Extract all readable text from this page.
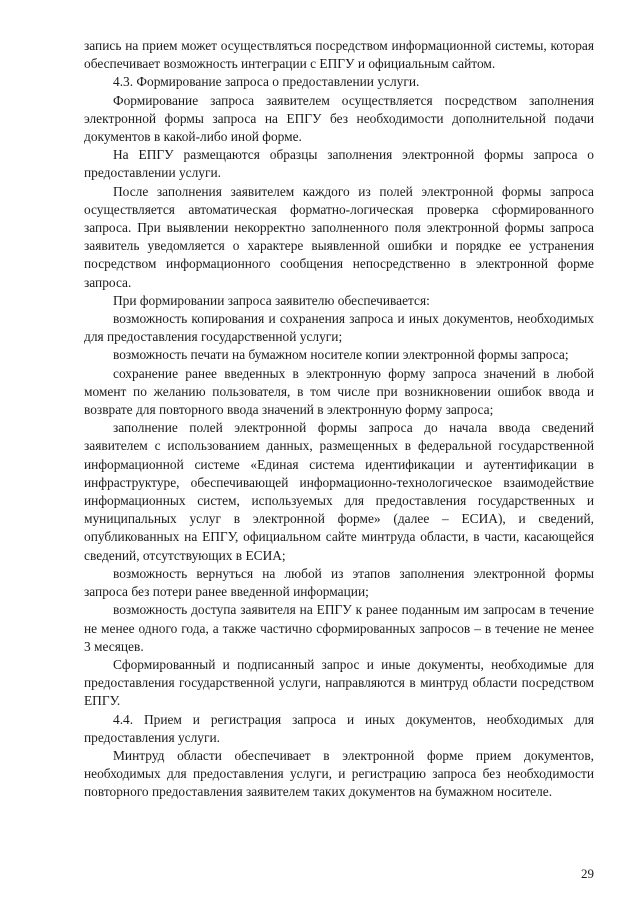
запись на прием может осуществляться посредством информационной системы, которая обеспечивает возможность интеграции с ЕПГУ и официальным сайтом.

4.3. Формирование запроса о предоставлении услуги.

Формирование запроса заявителем осуществляется посредством заполнения электронной формы запроса на ЕПГУ без необходимости дополнительной подачи документов в какой-либо иной форме.

На ЕПГУ размещаются образцы заполнения электронной формы запроса о предоставлении услуги.

После заполнения заявителем каждого из полей электронной формы запроса осуществляется автоматическая форматно-логическая проверка сформированного запроса. При выявлении некорректно заполненного поля электронной формы запроса заявитель уведомляется о характере выявленной ошибки и порядке ее устранения посредством информационного сообщения непосредственно в электронной форме запроса.

При формировании запроса заявителю обеспечивается:

возможность копирования и сохранения запроса и иных документов, необходимых для предоставления государственной услуги;

возможность печати на бумажном носителе копии электронной формы запроса;

сохранение ранее введенных в электронную форму запроса значений в любой момент по желанию пользователя, в том числе при возникновении ошибок ввода и возврате для повторного ввода значений в электронную форму запроса;

заполнение полей электронной формы запроса до начала ввода сведений заявителем с использованием данных, размещенных в федеральной государственной информационной системе «Единая система идентификации и аутентификации в инфраструктуре, обеспечивающей информационно-технологическое взаимодействие информационных систем, используемых для предоставления государственных и муниципальных услуг в электронной форме» (далее – ЕСИА), и сведений, опубликованных на ЕПГУ, официальном сайте минтруда области, в части, касающейся сведений, отсутствующих в ЕСИА;

возможность вернуться на любой из этапов заполнения электронной формы запроса без потери ранее введенной информации;

возможность доступа заявителя на ЕПГУ к ранее поданным им запросам в течение не менее одного года, а также частично сформированных запросов – в течение не менее 3 месяцев.

Сформированный и подписанный запрос и иные документы, необходимые для предоставления государственной услуги, направляются в минтруд области посредством ЕПГУ.

4.4. Прием и регистрация запроса и иных документов, необходимых для предоставления услуги.

Минтруд области обеспечивает в электронной форме прием документов, необходимых для предоставления услуги, и регистрацию запроса без необходимости повторного предоставления заявителем таких документов на бумажном носителе.

29
